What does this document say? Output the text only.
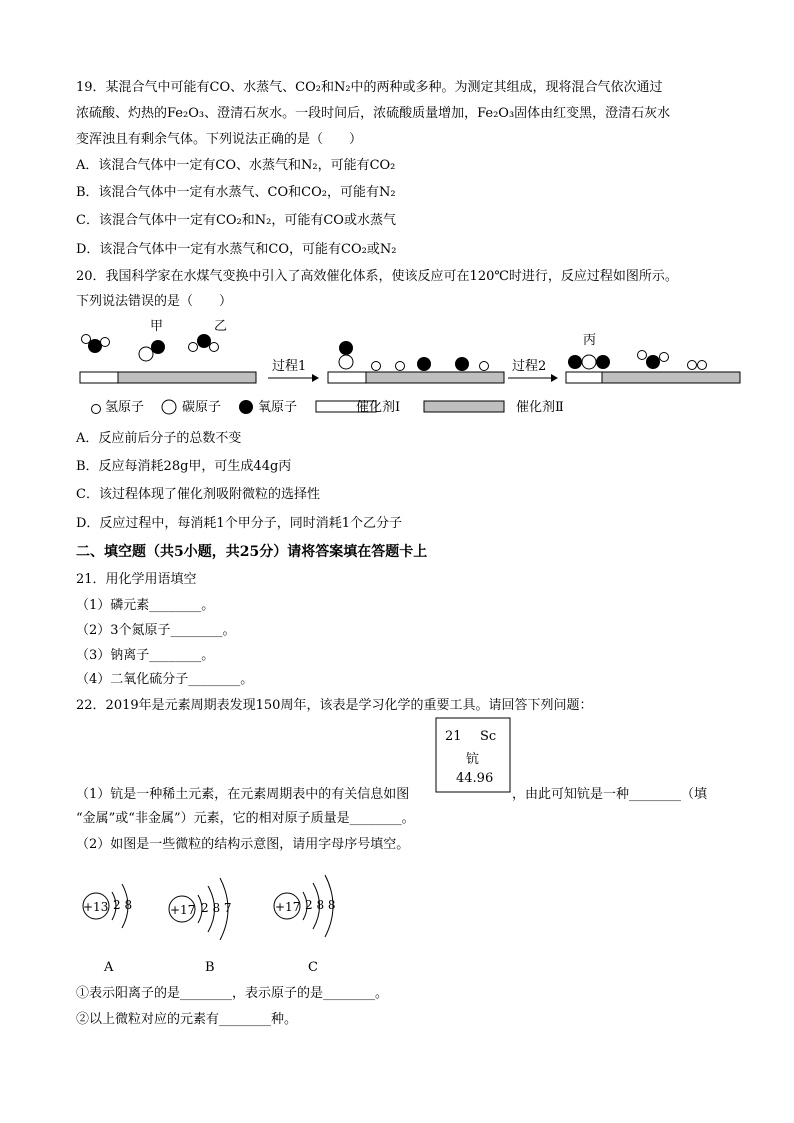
19．某混合气中可能有CO、水蒸气、CO₂和N₂中的两种或多种。为测定其组成，现将混合气依次通过
浓硫酸、灼热的Fe₂O₃、澄清石灰水。一段时间后，浓硫酸质量增加，Fe₂O₃固体由红变黑，澄清石灰水
变浑浊且有剩余气体。下列说法正确的是（　　）
A．该混合气体中一定有CO、水蒸气和N₂，可能有CO₂
B．该混合气体中一定有水蒸气、CO和CO₂，可能有N₂
C．该混合气体中一定有CO₂和N₂，可能有CO或水蒸气
D．该混合气体中一定有水蒸气和CO，可能有CO₂或N₂
20．我国科学家在水煤气变换中引入了高效催化体系，使该反应可在120℃时进行，反应过程如图所示。
下列说法错误的是（　　）
甲	乙
丙
过程1	过程2
氢原子	碳原子	氧原子	催化剂Ⅰ	催化剂Ⅱ
A．反应前后分子的总数不变
B．反应每消耗28g甲，可生成44g丙
C．该过程体现了催化剂吸附微粒的选择性
D．反应过程中，每消耗1个甲分子，同时消耗1个乙分子
二、填空题（共5小题，共25分）请将答案填在答题卡上
21．用化学用语填空
（1）磷元素________。
（2）3个氮原子________。
（3）钠离子________。
（4）二氧化硫分子________。
22．2019年是元素周期表发现150周年，该表是学习化学的重要工具。请回答下列问题：
21 Sc
钪
44.96
（1）钪是一种稀土元素，在元素周期表中的有关信息如图	，由此可知钪是一种________（填
“金属”或“非金属”）元素，它的相对原子质量是________。
（2）如图是一些微粒的结构示意图，请用字母序号填空。
+13 2 8
A
+17 2 8 7
B
+17 2 8 8
C
①表示阳离子的是________，表示原子的是________。
②以上微粒对应的元素有________种。
